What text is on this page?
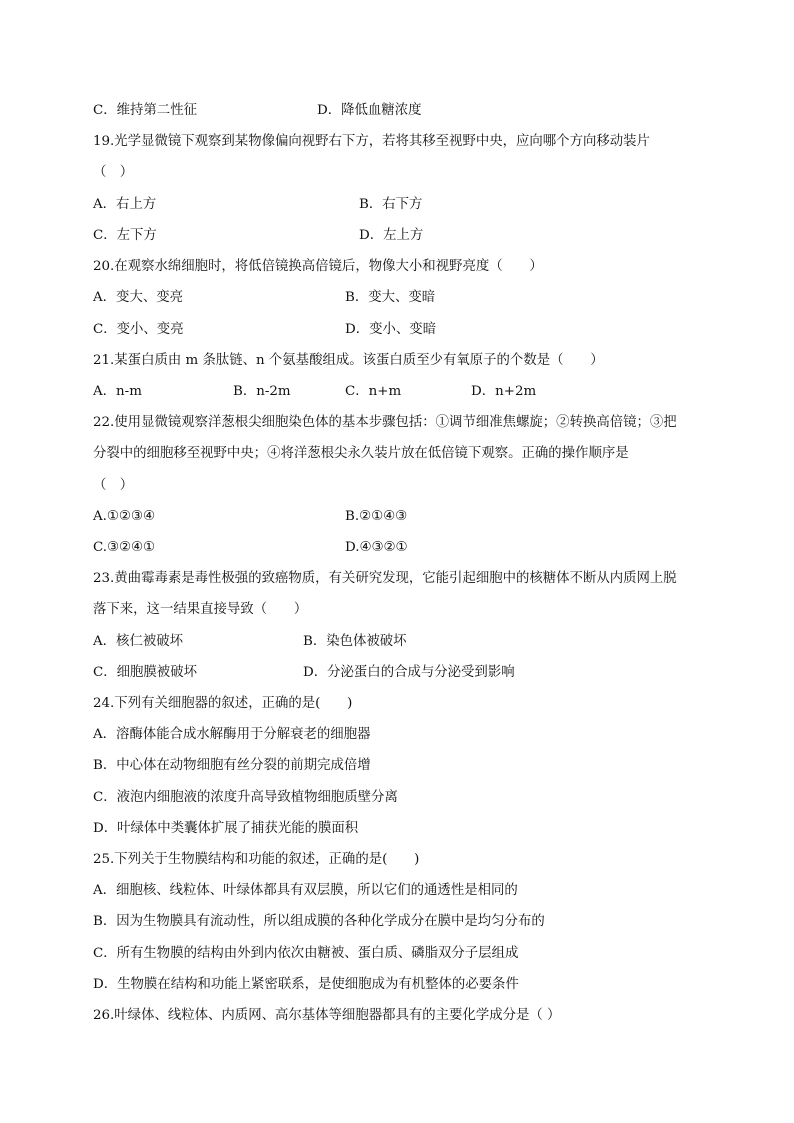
C．维持第二性征	D．降低血糖浓度
19.光学显微镜下观察到某物像偏向视野右下方，若将其移至视野中央，应向哪个方向移动装片
（　）
A．右上方	B．右下方
C．左下方	D．左上方
20.在观察水绵细胞时，将低倍镜换高倍镜后，物像大小和视野亮度（　　）
A．变大、变亮	B．变大、变暗
C．变小、变亮	D．变小、变暗
21.某蛋白质由 m 条肽链、n 个氨基酸组成。该蛋白质至少有氧原子的个数是（　　）
A．n-m	B．n-2m	C．n+m	D．n+2m
22.使用显微镜观察洋葱根尖细胞染色体的基本步骤包括：①调节细准焦螺旋；②转换高倍镜；③把
分裂中的细胞移至视野中央；④将洋葱根尖永久装片放在低倍镜下观察。正确的操作顺序是
（　）
A.①②③④	B.②①④③
C.③②④①	D.④③②①
23.黄曲霉毒素是毒性极强的致癌物质，有关研究发现，它能引起细胞中的核糖体不断从内质网上脱
落下来，这一结果直接导致（　　）
A．核仁被破坏	B．染色体被破坏
C．细胞膜被破坏	D．分泌蛋白的合成与分泌受到影响
24.下列有关细胞器的叙述，正确的是(　　)
A．溶酶体能合成水解酶用于分解衰老的细胞器
B．中心体在动物细胞有丝分裂的前期完成倍增
C．液泡内细胞液的浓度升高导致植物细胞质壁分离
D．叶绿体中类囊体扩展了捕获光能的膜面积
25.下列关于生物膜结构和功能的叙述，正确的是(　　)
A．细胞核、线粒体、叶绿体都具有双层膜，所以它们的通透性是相同的
B．因为生物膜具有流动性，所以组成膜的各种化学成分在膜中是均匀分布的
C．所有生物膜的结构由外到内依次由糖被、蛋白质、磷脂双分子层组成
D．生物膜在结构和功能上紧密联系，是使细胞成为有机整体的必要条件
26.叶绿体、线粒体、内质网、高尔基体等细胞器都具有的主要化学成分是（ ）
